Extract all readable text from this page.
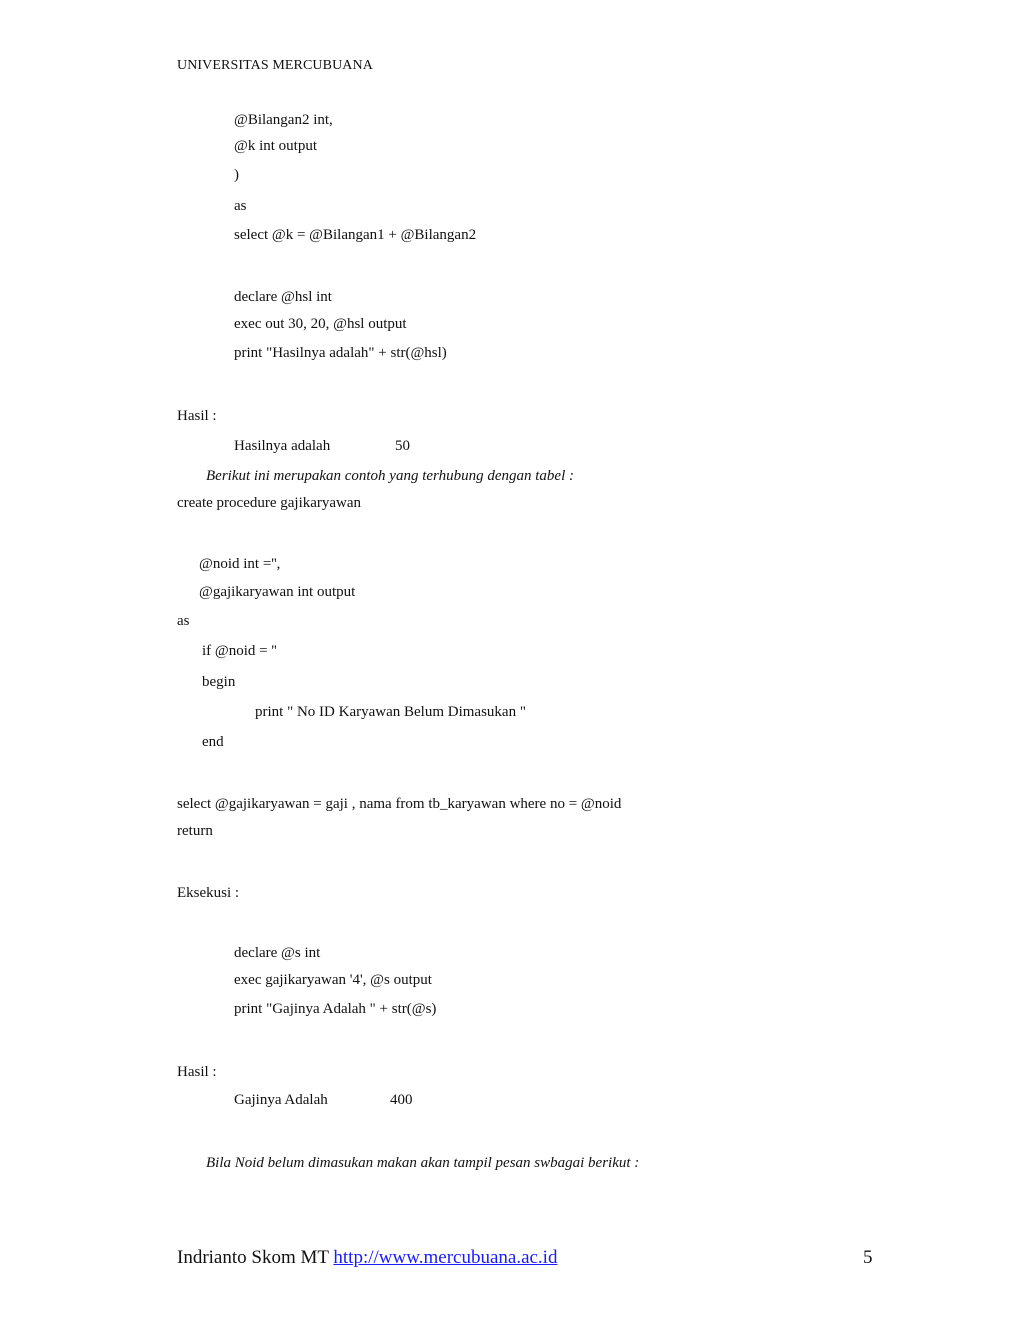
UNIVERSITAS MERCUBUANA
@Bilangan2 int,
@k int output
)
as
select @k = @Bilangan1 + @Bilangan2
declare @hsl int
exec out 30, 20, @hsl output
print "Hasilnya adalah" + str(@hsl)
Hasil :
Hasilnya adalah	50
Berikut ini merupakan contoh yang terhubung dengan tabel :
create procedure gajikaryawan
@noid int ='',
@gajikaryawan int output
as
if @noid = ''
begin
print " No ID Karyawan Belum Dimasukan "
end
select @gajikaryawan = gaji , nama from tb_karyawan where no = @noid
return
Eksekusi :
declare @s int
exec gajikaryawan '4', @s output
print "Gajinya Adalah " + str(@s)
Hasil :
Gajinya Adalah	400
Bila Noid belum dimasukan makan akan tampil pesan swbagai berikut :
Indrianto Skom MT http://www.mercubuana.ac.id	5
